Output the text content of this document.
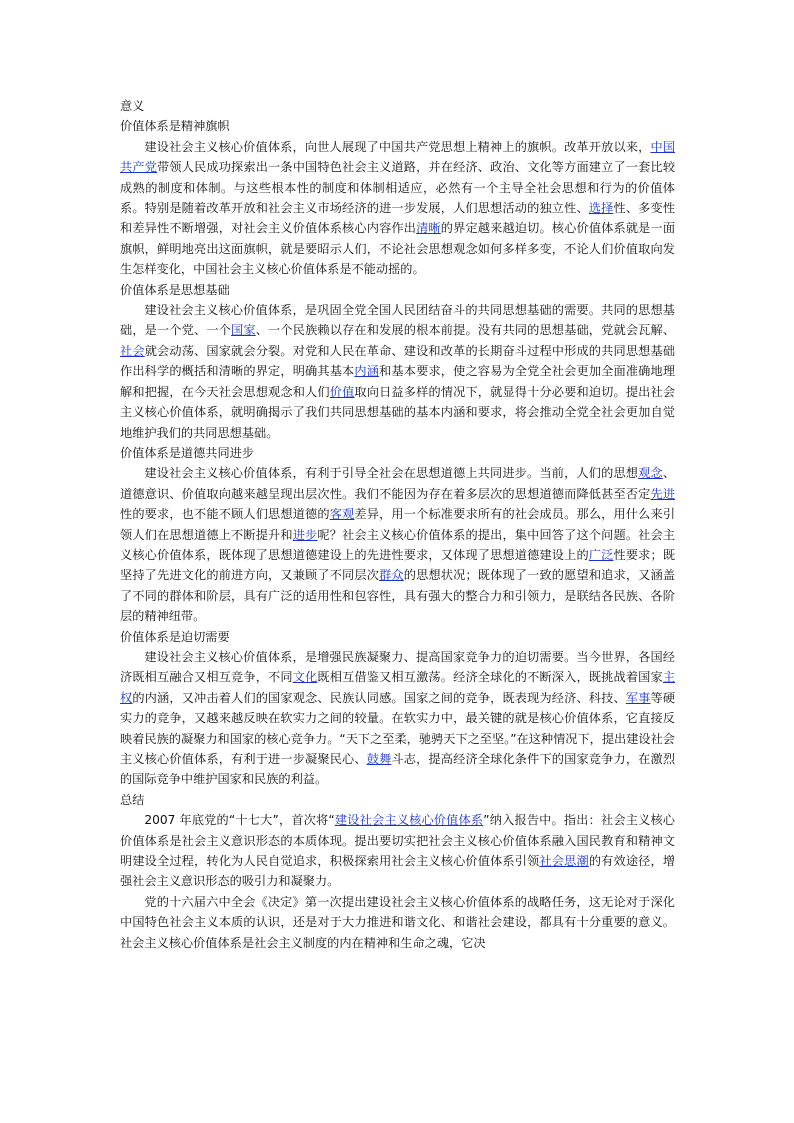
意义
价值体系是精神旗帜
建设社会主义核心价值体系，向世人展现了中国共产党思想上精神上的旗帜。改革开放以来，中国共产党带领人民成功探索出一条中国特色社会主义道路，并在经济、政治、文化等方面建立了一套比较成熟的制度和体制。与这些根本性的制度和体制相适应，必然有一个主导全社会思想和行为的价值体系。特别是随着改革开放和社会主义市场经济的进一步发展，人们思想活动的独立性、选择性、多变性和差异性不断增强，对社会主义价值体系核心内容作出清晰的界定越来越迫切。核心价值体系就是一面旗帜，鲜明地亮出这面旗帜，就是要昭示人们，不论社会思想观念如何多样多变，不论人们价值取向发生怎样变化，中国社会主义核心价值体系是不能动摇的。
价值体系是思想基础
建设社会主义核心价值体系，是巩固全党全国人民团结奋斗的共同思想基础的需要。共同的思想基础，是一个党、一个国家、一个民族赖以存在和发展的根本前提。没有共同的思想基础，党就会瓦解、社会就会动荡、国家就会分裂。对党和人民在革命、建设和改革的长期奋斗过程中形成的共同思想基础作出科学的概括和清晰的界定，明确其基本内涵和基本要求，使之容易为全党全社会更加全面准确地理解和把握，在今天社会思想观念和人们价值取向日益多样的情况下，就显得十分必要和迫切。提出社会主义核心价值体系，就明确揭示了我们共同思想基础的基本内涵和要求，将会推动全党全社会更加自觉地维护我们的共同思想基础。
价值体系是道德共同进步
建设社会主义核心价值体系，有利于引导全社会在思想道德上共同进步。当前，人们的思想观念、道德意识、价值取向越来越呈现出层次性。我们不能因为存在着多层次的思想道德而降低甚至否定先进性的要求，也不能不顾人们思想道德的客观差异，用一个标准要求所有的社会成员。那么，用什么来引领人们在思想道德上不断提升和进步呢？社会主义核心价值体系的提出，集中回答了这个问题。社会主义核心价值体系，既体现了思想道德建设上的先进性要求，又体现了思想道德建设上的广泛性要求；既坚持了先进文化的前进方向，又兼顾了不同层次群众的思想状况；既体现了一致的愿望和追求，又涵盖了不同的群体和阶层，具有广泛的适用性和包容性，具有强大的整合力和引领力，是联结各民族、各阶层的精神纽带。
价值体系是迫切需要
建设社会主义核心价值体系，是增强民族凝聚力、提高国家竞争力的迫切需要。当今世界，各国经济既相互融合又相互竞争，不同文化既相互借鉴又相互激荡。经济全球化的不断深入，既挑战着国家主权的内涵，又冲击着人们的国家观念、民族认同感。国家之间的竞争，既表现为经济、科技、军事等硬实力的竞争，又越来越反映在软实力之间的较量。在软实力中，最关键的就是核心价值体系，它直接反映着民族的凝聚力和国家的核心竞争力。“天下之至柔，驰骋天下之至坚。”在这种情况下，提出建设社会主义核心价值体系，有利于进一步凝聚民心、鼓舞斗志，提高经济全球化条件下的国家竞争力，在激烈的国际竞争中维护国家和民族的利益。
总结
2007 年底党的“十七大”，首次将“建设社会主义核心价值体系”纳入报告中。指出：社会主义核心价值体系是社会主义意识形态的本质体现。提出要切实把社会主义核心价值体系融入国民教育和精神文明建设全过程，转化为人民自觉追求，积极探索用社会主义核心价值体系引领社会思潮的有效途径，增强社会主义意识形态的吸引力和凝聚力。
党的十六届六中全会《决定》第一次提出建设社会主义核心价值体系的战略任务，这无论对于深化中国特色社会主义本质的认识，还是对于大力推进和谐文化、和谐社会建设，都具有十分重要的意义。社会主义核心价值体系是社会主义制度的内在精神和生命之魂，它决
